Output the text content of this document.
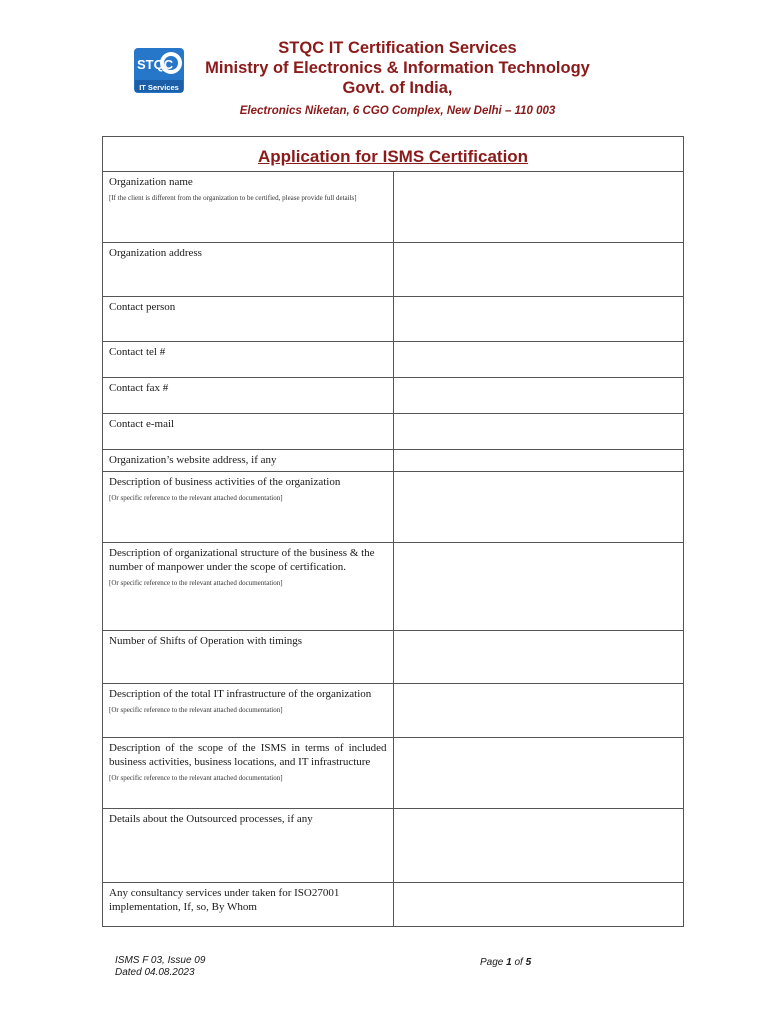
STQC
IT Services
STQC IT Certification Services
Ministry of Electronics & Information Technology
Govt. of India,
Electronics Niketan, 6 CGO Complex, New Delhi – 110 003
Application for ISMS Certification	

Organization name
[If the client is different from the organization to be certified, please provide full details]	

Organization address	

Contact person	

Contact tel #	

Contact fax #	

Contact e-mail	

Organization’s website address, if any	

Description of business activities of the organization
[Or specific reference to the relevant attached documentation]	

Description of organizational structure of the business & the number of manpower under the scope of certification.
[Or specific reference to the relevant attached documentation]	

Number of Shifts of Operation with timings	

Description of the total IT infrastructure of the organization
[Or specific reference to the relevant attached documentation]	

Description of the scope of the ISMS in terms of included business activities, business locations, and IT infrastructure
[Or specific reference to the relevant attached documentation]	

Details about the Outsourced processes, if any	

Any consultancy services under taken for ISO27001 implementation, If, so, By Whom	

ISMS F 03, Issue 09
Dated 04.08.2023
Page 1 of 5
